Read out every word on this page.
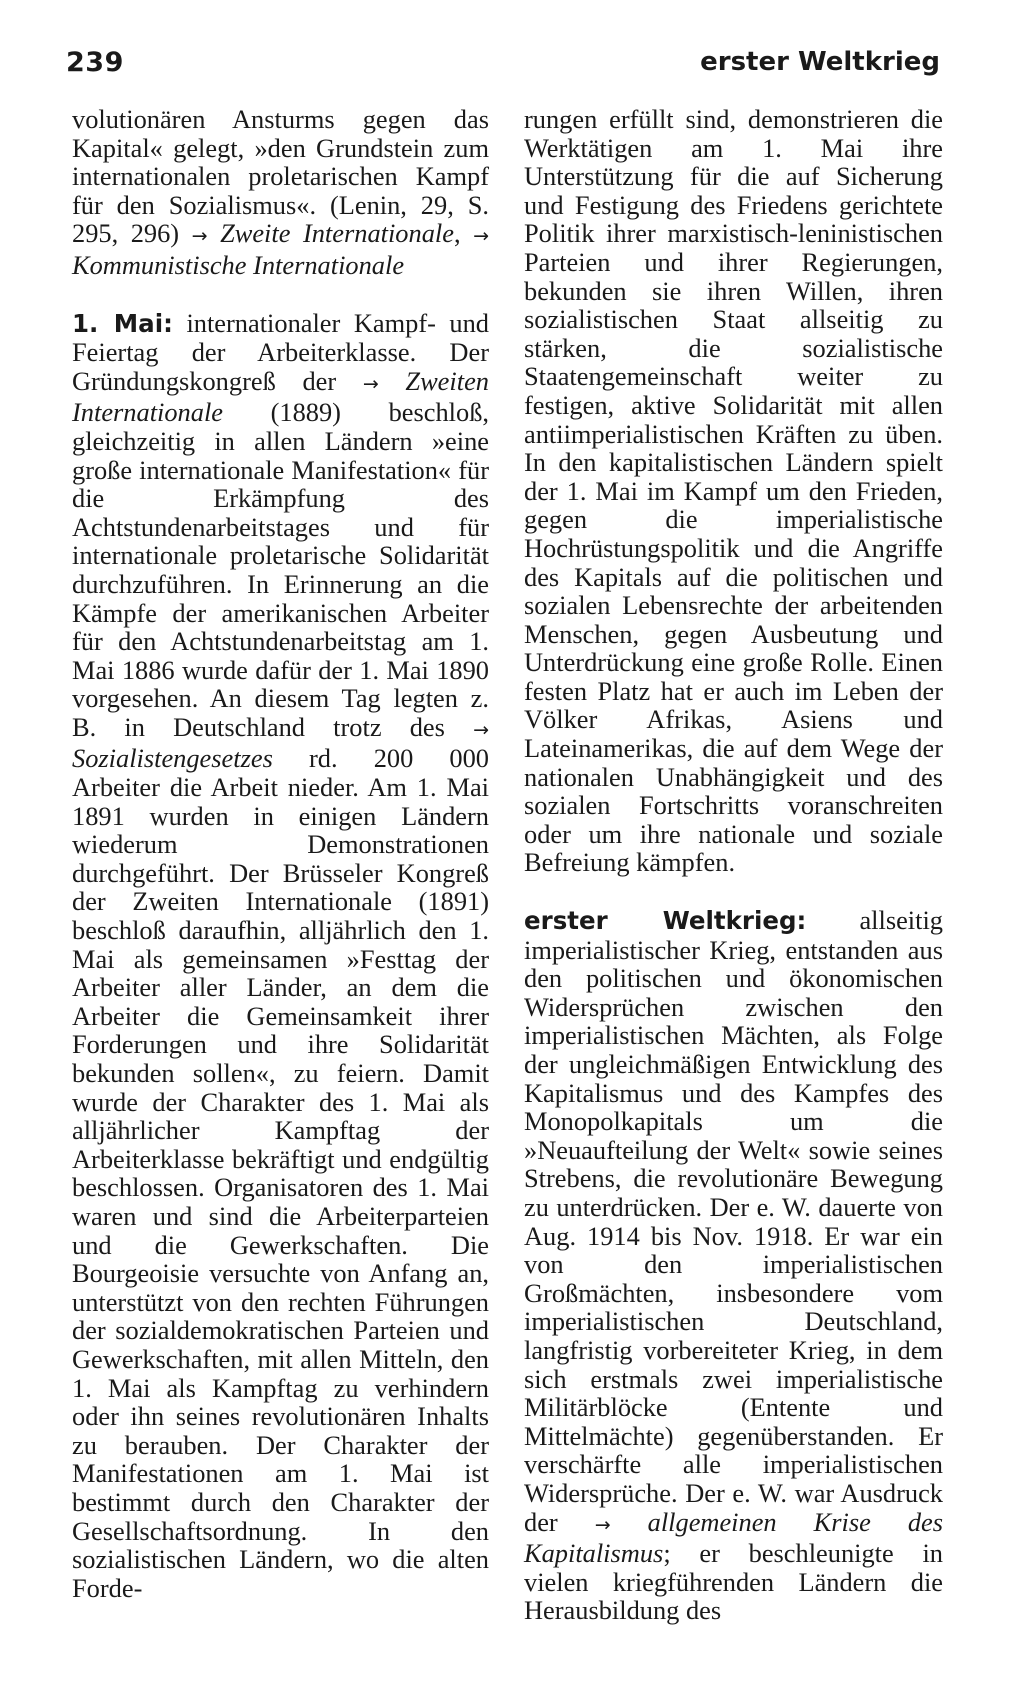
239	erster Weltkrieg

volutionären Ansturms gegen das Kapital« gelegt, »den Grundstein zum internationalen proletarischen Kampf für den Sozialismus«. (Lenin, 29, S. 295, 296) → Zweite Internationale, → Kommunistische Internationale

1. Mai: internationaler Kampf- und Feiertag der Arbeiterklasse. Der Gründungskongreß der → Zweiten Internationale (1889) beschloß, gleichzeitig in allen Ländern »eine große internationale Manifestation« für die Erkämpfung des Achtstundenarbeitstages und für internationale proletarische Solidarität durchzuführen. In Erinnerung an die Kämpfe der amerikanischen Arbeiter für den Achtstundenarbeitstag am 1. Mai 1886 wurde dafür der 1. Mai 1890 vorgesehen. An diesem Tag legten z. B. in Deutschland trotz des → Sozialistengesetzes rd. 200 000 Arbeiter die Arbeit nieder. Am 1. Mai 1891 wurden in einigen Ländern wiederum Demonstrationen durchgeführt. Der Brüsseler Kongreß der Zweiten Internationale (1891) beschloß daraufhin, alljährlich den 1. Mai als gemeinsamen »Festtag der Arbeiter aller Länder, an dem die Arbeiter die Gemeinsamkeit ihrer Forderungen und ihre Solidarität bekunden sollen«, zu feiern. Damit wurde der Charakter des 1. Mai als alljährlicher Kampftag der Arbeiterklasse bekräftigt und endgültig beschlossen. Organisatoren des 1. Mai waren und sind die Arbeiterparteien und die Gewerkschaften. Die Bourgeoisie versuchte von Anfang an, unterstützt von den rechten Führungen der sozialdemokratischen Parteien und Gewerkschaften, mit allen Mitteln, den 1. Mai als Kampftag zu verhindern oder ihn seines revolutionären Inhalts zu berauben. Der Charakter der Manifestationen am 1. Mai ist bestimmt durch den Charakter der Gesellschaftsordnung. In den sozialistischen Ländern, wo die alten Forde-

rungen erfüllt sind, demonstrieren die Werktätigen am 1. Mai ihre Unterstützung für die auf Sicherung und Festigung des Friedens gerichtete Politik ihrer marxistisch-leninistischen Parteien und ihrer Regierungen, bekunden sie ihren Willen, ihren sozialistischen Staat allseitig zu stärken, die sozialistische Staatengemeinschaft weiter zu festigen, aktive Solidarität mit allen antiimperialistischen Kräften zu üben. In den kapitalistischen Ländern spielt der 1. Mai im Kampf um den Frieden, gegen die imperialistische Hochrüstungspolitik und die Angriffe des Kapitals auf die politischen und sozialen Lebensrechte der arbeitenden Menschen, gegen Ausbeutung und Unterdrückung eine große Rolle. Einen festen Platz hat er auch im Leben der Völker Afrikas, Asiens und Lateinamerikas, die auf dem Wege der nationalen Unabhängigkeit und des sozialen Fortschritts voranschreiten oder um ihre nationale und soziale Befreiung kämpfen.

erster Weltkrieg: allseitig imperialistischer Krieg, entstanden aus den politischen und ökonomischen Widersprüchen zwischen den imperialistischen Mächten, als Folge der ungleichmäßigen Entwicklung des Kapitalismus und des Kampfes des Monopolkapitals um die »Neuaufteilung der Welt« sowie seines Strebens, die revolutionäre Bewegung zu unterdrücken. Der e. W. dauerte von Aug. 1914 bis Nov. 1918. Er war ein von den imperialistischen Großmächten, insbesondere vom imperialistischen Deutschland, langfristig vorbereiteter Krieg, in dem sich erstmals zwei imperialistische Militärblöcke (Entente und Mittelmächte) gegenüberstanden. Er verschärfte alle imperialistischen Widersprüche. Der e. W. war Ausdruck der → allgemeinen Krise des Kapitalismus; er beschleunigte in vielen kriegführenden Ländern die Herausbildung des
